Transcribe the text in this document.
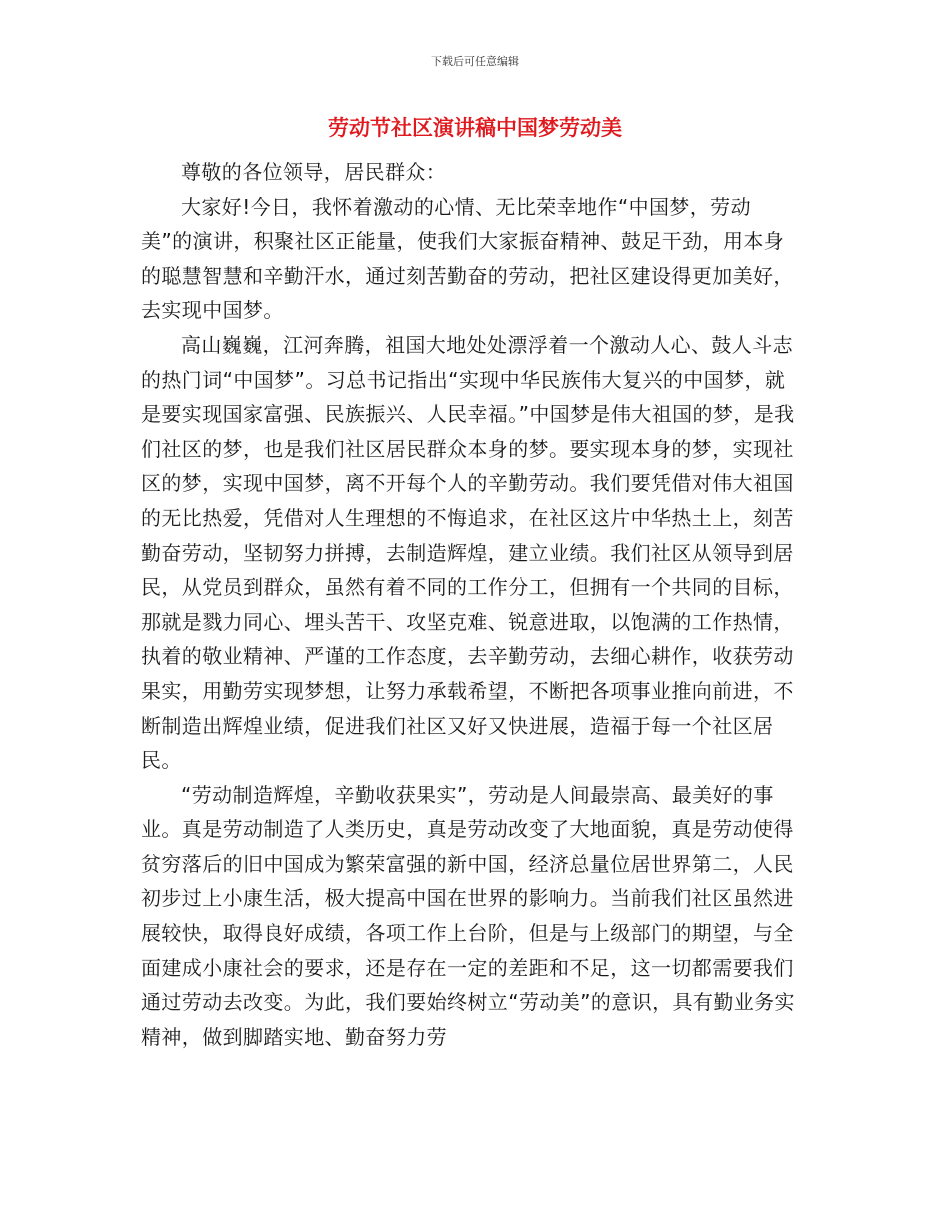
下载后可任意编辑
劳动节社区演讲稿中国梦劳动美

尊敬的各位领导，居民群众：

大家好!今日，我怀着激动的心情、无比荣幸地作“中国梦，劳动美”的演讲，积聚社区正能量，使我们大家振奋精神、鼓足干劲，用本身的聪慧智慧和辛勤汗水，通过刻苦勤奋的劳动，把社区建设得更加美好，去实现中国梦。

高山巍巍，江河奔腾，祖国大地处处漂浮着一个激动人心、鼓人斗志的热门词“中国梦”。习总书记指出“实现中华民族伟大复兴的中国梦，就是要实现国家富强、民族振兴、人民幸福。”中国梦是伟大祖国的梦，是我们社区的梦，也是我们社区居民群众本身的梦。要实现本身的梦，实现社区的梦，实现中国梦，离不开每个人的辛勤劳动。我们要凭借对伟大祖国的无比热爱，凭借对人生理想的不悔追求，在社区这片中华热土上，刻苦勤奋劳动，坚韧努力拼搏，去制造辉煌，建立业绩。我们社区从领导到居民，从党员到群众，虽然有着不同的工作分工，但拥有一个共同的目标，那就是戮力同心、埋头苦干、攻坚克难、锐意进取，以饱满的工作热情，执着的敬业精神、严谨的工作态度，去辛勤劳动，去细心耕作，收获劳动果实，用勤劳实现梦想，让努力承载希望，不断把各项事业推向前进，不断制造出辉煌业绩，促进我们社区又好又快进展，造福于每一个社区居民。

“劳动制造辉煌，辛勤收获果实”，劳动是人间最崇高、最美好的事业。真是劳动制造了人类历史，真是劳动改变了大地面貌，真是劳动使得贫穷落后的旧中国成为繁荣富强的新中国，经济总量位居世界第二，人民初步过上小康生活，极大提高中国在世界的影响力。当前我们社区虽然进展较快，取得良好成绩，各项工作上台阶，但是与上级部门的期望，与全面建成小康社会的要求，还是存在一定的差距和不足，这一切都需要我们通过劳动去改变。为此，我们要始终树立“劳动美”的意识，具有勤业务实精神，做到脚踏实地、勤奋努力劳
